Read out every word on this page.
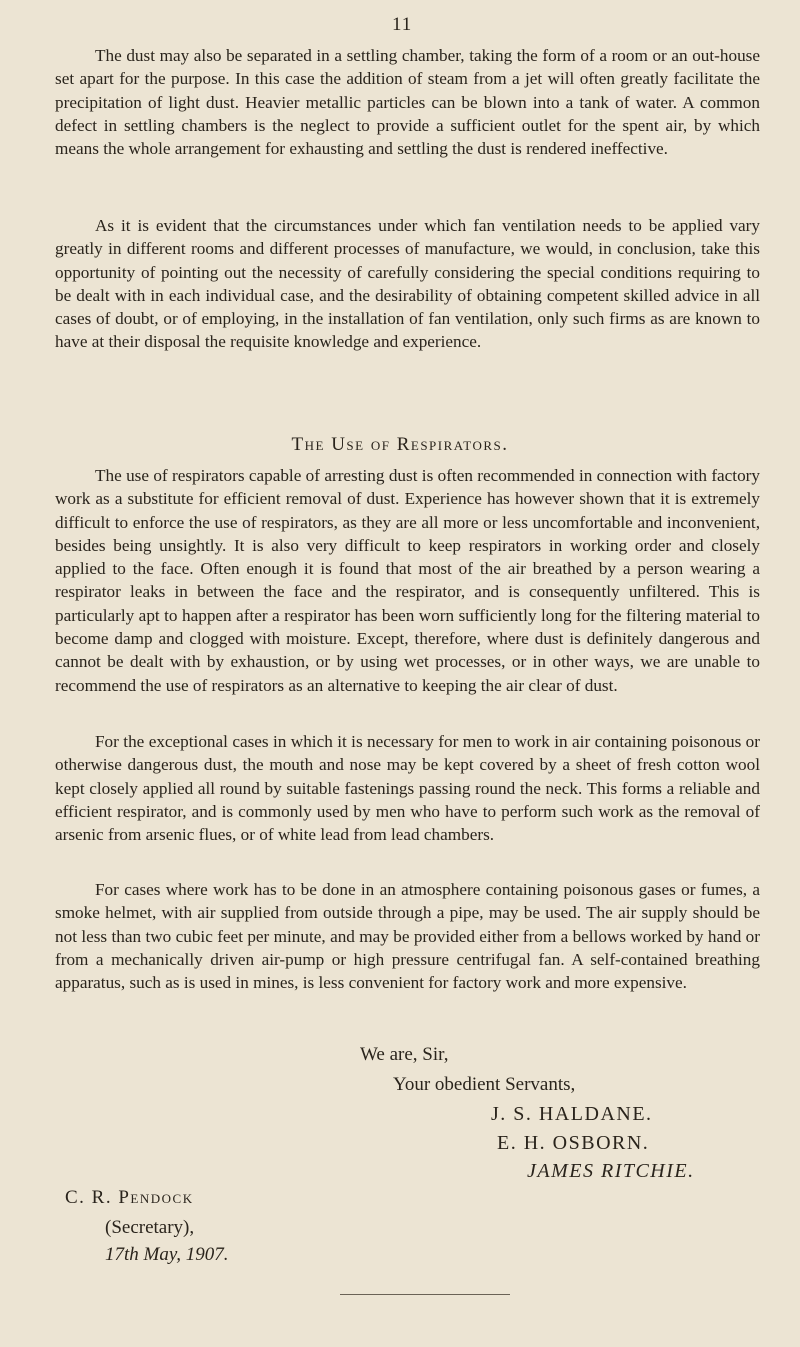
11

The dust may also be separated in a settling chamber, taking the form of a room or an out-house set apart for the purpose. In this case the addition of steam from a jet will often greatly facilitate the precipitation of light dust. Heavier metallic particles can be blown into a tank of water. A common defect in settling chambers is the neglect to provide a sufficient outlet for the spent air, by which means the whole arrangement for exhausting and settling the dust is rendered ineffective.

As it is evident that the circumstances under which fan ventilation needs to be applied vary greatly in different rooms and different processes of manufacture, we would, in conclusion, take this opportunity of pointing out the necessity of carefully considering the special conditions requiring to be dealt with in each individual case, and the desirability of obtaining competent skilled advice in all cases of doubt, or of employing, in the installation of fan ventilation, only such firms as are known to have at their disposal the requisite knowledge and experience.

The Use of Respirators.

The use of respirators capable of arresting dust is often recommended in connection with factory work as a substitute for efficient removal of dust. Experience has however shown that it is extremely difficult to enforce the use of respirators, as they are all more or less uncomfortable and inconvenient, besides being unsightly. It is also very difficult to keep respirators in working order and closely applied to the face. Often enough it is found that most of the air breathed by a person wearing a respirator leaks in between the face and the respirator, and is consequently unfiltered. This is particularly apt to happen after a respirator has been worn sufficiently long for the filtering material to become damp and clogged with moisture. Except, therefore, where dust is definitely dangerous and cannot be dealt with by exhaustion, or by using wet processes, or in other ways, we are unable to recommend the use of respirators as an alternative to keeping the air clear of dust.

For the exceptional cases in which it is necessary for men to work in air containing poisonous or otherwise dangerous dust, the mouth and nose may be kept covered by a sheet of fresh cotton wool kept closely applied all round by suitable fastenings passing round the neck. This forms a reliable and efficient respirator, and is commonly used by men who have to perform such work as the removal of arsenic from arsenic flues, or of white lead from lead chambers.

For cases where work has to be done in an atmosphere containing poisonous gases or fumes, a smoke helmet, with air supplied from outside through a pipe, may be used. The air supply should be not less than two cubic feet per minute, and may be provided either from a bellows worked by hand or from a mechanically driven air-pump or high pressure centrifugal fan. A self-contained breathing apparatus, such as is used in mines, is less convenient for factory work and more expensive.

We are, Sir,

Your obedient Servants,

J. S. HALDANE.

E. H. OSBORN.

JAMES RITCHIE.

C. R. Pendock

(Secretary),

17th May, 1907.
